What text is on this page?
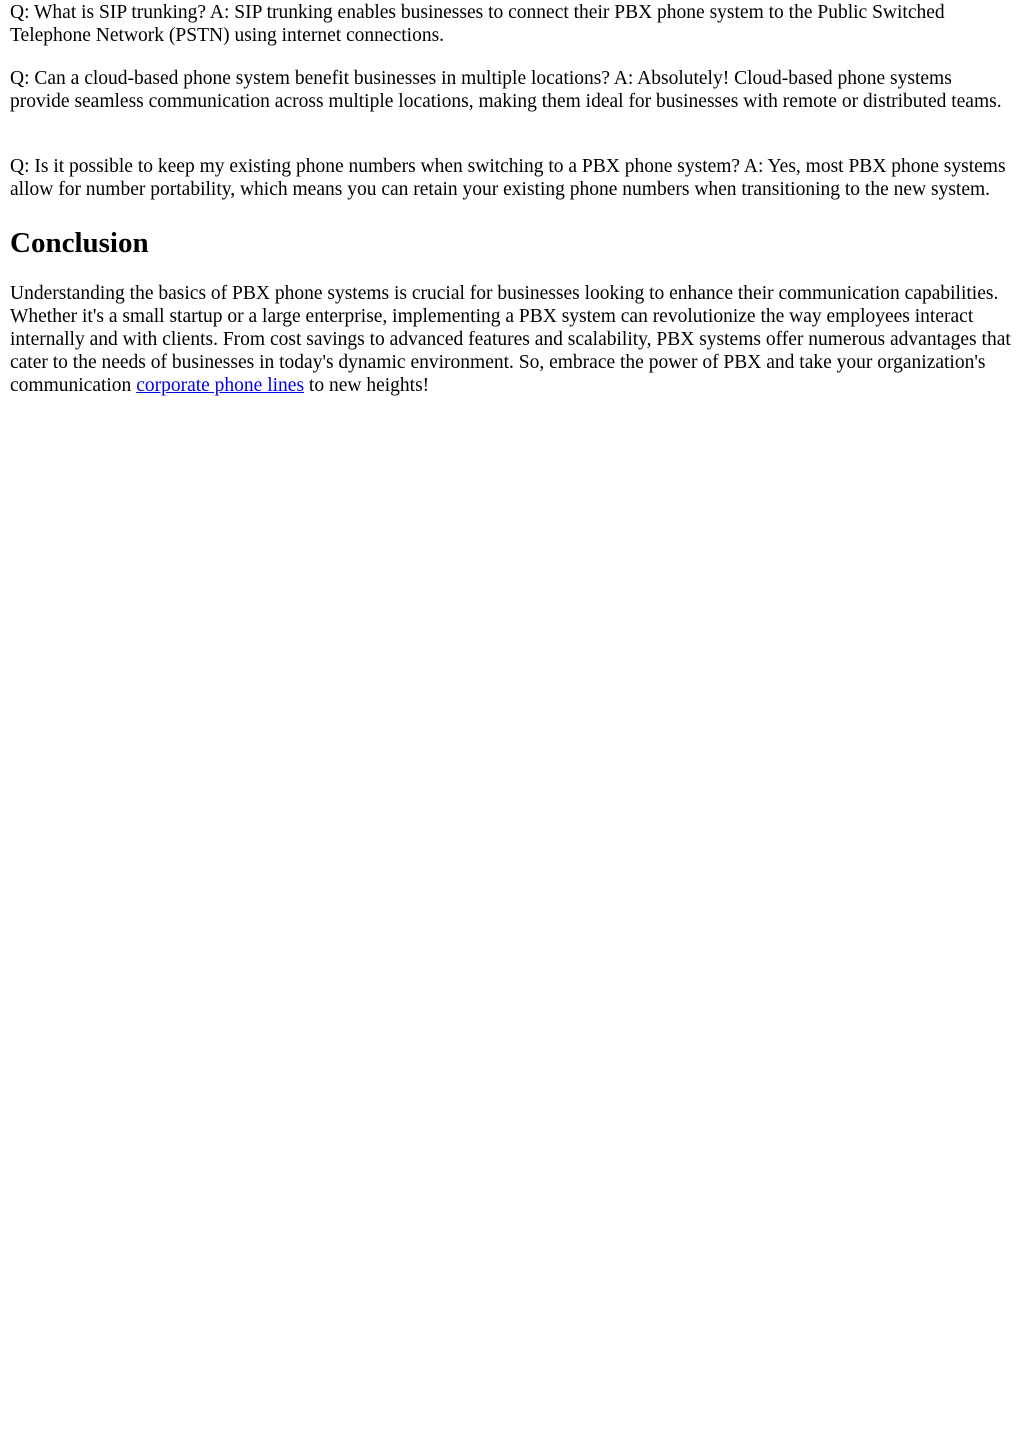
Q: What is SIP trunking? A: SIP trunking enables businesses to connect their PBX phone system to the Public Switched Telephone Network (PSTN) using internet connections.

Q: Can a cloud-based phone system benefit businesses in multiple locations? A: Absolutely! Cloud-based phone systems provide seamless communication across multiple locations, making them ideal for businesses with remote or distributed teams.

Q: Is it possible to keep my existing phone numbers when switching to a PBX phone system? A: Yes, most PBX phone systems allow for number portability, which means you can retain your existing phone numbers when transitioning to the new system.

Conclusion

Understanding the basics of PBX phone systems is crucial for businesses looking to enhance their communication capabilities. Whether it's a small startup or a large enterprise, implementing a PBX system can revolutionize the way employees interact internally and with clients. From cost savings to advanced features and scalability, PBX systems offer numerous advantages that cater to the needs of businesses in today's dynamic environment. So, embrace the power of PBX and take your organization's communication corporate phone lines to new heights!
